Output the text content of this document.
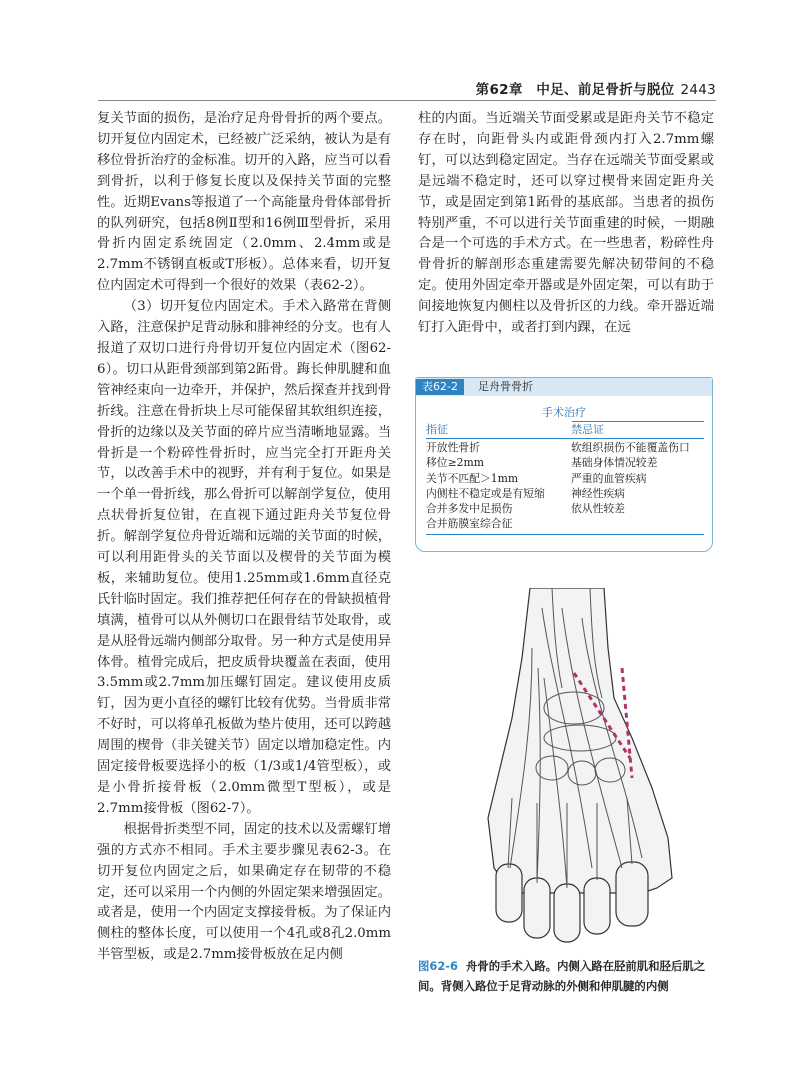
第62章　中足、前足骨折与脱位 2443

复关节面的损伤，是治疗足舟骨骨折的两个要点。切开复位内固定术，已经被广泛采纳，被认为是有移位骨折治疗的金标准。切开的入路，应当可以看到骨折，以利于修复长度以及保持关节面的完整性。近期Evans等报道了一个高能量舟骨体部骨折的队列研究，包括8例Ⅱ型和16例Ⅲ型骨折，采用骨折内固定系统固定（2.0mm、2.4mm或是2.7mm不锈钢直板或T形板）。总体来看，切开复位内固定术可得到一个很好的效果（表62-2）。

（3）切开复位内固定术。手术入路常在背侧入路，注意保护足背动脉和腓神经的分支。也有人报道了双切口进行舟骨切开复位内固定术（图62-6）。切口从距骨颈部到第2跖骨。踇长伸肌腱和血管神经束向一边牵开，并保护，然后探查并找到骨折线。注意在骨折块上尽可能保留其软组织连接，骨折的边缘以及关节面的碎片应当清晰地显露。当骨折是一个粉碎性骨折时，应当完全打开距舟关节，以改善手术中的视野，并有利于复位。如果是一个单一骨折线，那么骨折可以解剖学复位，使用点状骨折复位钳，在直视下通过距舟关节复位骨折。解剖学复位舟骨近端和远端的关节面的时候，可以利用距骨头的关节面以及楔骨的关节面为模板，来辅助复位。使用1.25mm或1.6mm直径克氏针临时固定。我们推荐把任何存在的骨缺损植骨填满，植骨可以从外侧切口在跟骨结节处取骨，或是从胫骨远端内侧部分取骨。另一种方式是使用异体骨。植骨完成后，把皮质骨块覆盖在表面，使用3.5mm或2.7mm加压螺钉固定。建议使用皮质钉，因为更小直径的螺钉比较有优势。当骨质非常不好时，可以将单孔板做为垫片使用，还可以跨越周围的楔骨（非关键关节）固定以增加稳定性。内固定接骨板要选择小的板（1/3或1/4管型板），或是小骨折接骨板（2.0mm微型T型板），或是2.7mm接骨板（图62-7）。

根据骨折类型不同，固定的技术以及需螺钉增强的方式亦不相同。手术主要步骤见表62-3。在切开复位内固定之后，如果确定存在韧带的不稳定，还可以采用一个内侧的外固定架来增强固定。或者是，使用一个内固定支撑接骨板。为了保证内侧柱的整体长度，可以使用一个4孔或8孔2.0mm半管型板，或是2.7mm接骨板放在足内侧

柱的内面。当近端关节面受累或是距舟关节不稳定存在时，向距骨头内或距骨颈内打入2.7mm螺钉，可以达到稳定固定。当存在远端关节面受累或是远端不稳定时，还可以穿过楔骨来固定距舟关节，或是固定到第1跖骨的基底部。当患者的损伤特别严重，不可以进行关节面重建的时候，一期融合是一个可选的手术方式。在一些患者，粉碎性舟骨骨折的解剖形态重建需要先解决韧带间的不稳定。使用外固定牵开器或是外固定架，可以有助于间接地恢复内侧柱以及骨折区的力线。牵开器近端钉打入距骨中，或者打到内踝，在远

表62-2	足舟骨骨折
手术治疗
指征	禁忌证
开放性骨折	软组织损伤不能覆盖伤口
移位≥2mm	基础身体情况较差
关节不匹配＞1mm	严重的血管疾病
内侧柱不稳定或是有短缩	神经性疾病
合并多发中足损伤	依从性较差
合并筋膜室综合征
图62-6 舟骨的手术入路。内侧入路在胫前肌和胫后肌之间。背侧入路位于足背动脉的外侧和伸肌腱的内侧
